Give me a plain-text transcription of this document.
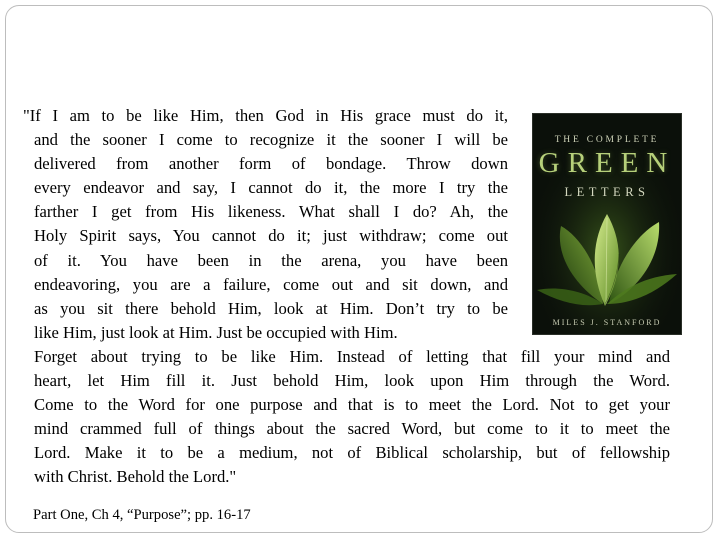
THE COMPLETE
GREEN
LETTERS
MILES J. STANFORD
"If I am to be like Him, then God in His grace must do it,
and the sooner I come to recognize it the sooner I will be
delivered from another form of bondage. Throw down
every endeavor and say, I cannot do it, the more I try the
farther I get from His likeness. What shall I do? Ah, the
Holy Spirit says, You cannot do it; just withdraw; come out
of it. You have been in the arena, you have been
endeavoring, you are a failure, come out and sit down, and
as you sit there behold Him, look at Him. Don’t try to be
like Him, just look at Him. Just be occupied with Him.
Forget about trying to be like Him. Instead of letting that fill your mind and
heart, let Him fill it. Just behold Him, look upon Him through the Word.
Come to the Word for one purpose and that is to meet the Lord. Not to get your
mind crammed full of things about the sacred Word, but come to it to meet the
Lord. Make it to be a medium, not of Biblical scholarship, but of fellowship
with Christ. Behold the Lord."
Part One, Ch 4, “Purpose”; pp. 16-17
